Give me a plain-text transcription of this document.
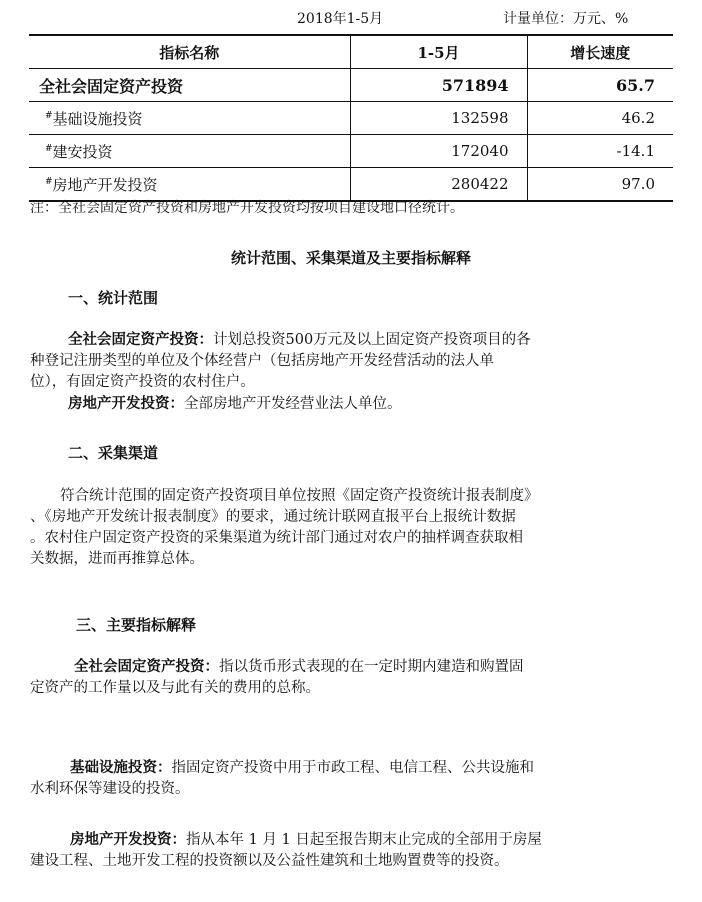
2018年1-5月	计量单位：万元、%
指标名称	1-5月	增长速度
全社会固定资产投资	571894	65.7
#基础设施投资	132598	46.2
#建安投资	172040	-14.1
#房地产开发投资	280422	97.0
注：全社会固定资产投资和房地产开发投资均按项目建设地口径统计。
统计范围、采集渠道及主要指标解释
一、统计范围
全社会固定资产投资：计划总投资500万元及以上固定资产投资项目的各
种登记注册类型的单位及个体经营户（包括房地产开发经营活动的法人单
位），有固定资产投资的农村住户。
房地产开发投资：全部房地产开发经营业法人单位。
二、采集渠道
符合统计范围的固定资产投资项目单位按照《固定资产投资统计报表制度》
、《房地产开发统计报表制度》的要求，通过统计联网直报平台上报统计数据
。农村住户固定资产投资的采集渠道为统计部门通过对农户的抽样调查获取相
关数据，进而再推算总体。
三、主要指标解释
全社会固定资产投资：指以货币形式表现的在一定时期内建造和购置固
定资产的工作量以及与此有关的费用的总称。
基础设施投资：指固定资产投资中用于市政工程、电信工程、公共设施和
水利环保等建设的投资。
房地产开发投资：指从本年 1 月 1 日起至报告期末止完成的全部用于房屋
建设工程、土地开发工程的投资额以及公益性建筑和土地购置费等的投资。
